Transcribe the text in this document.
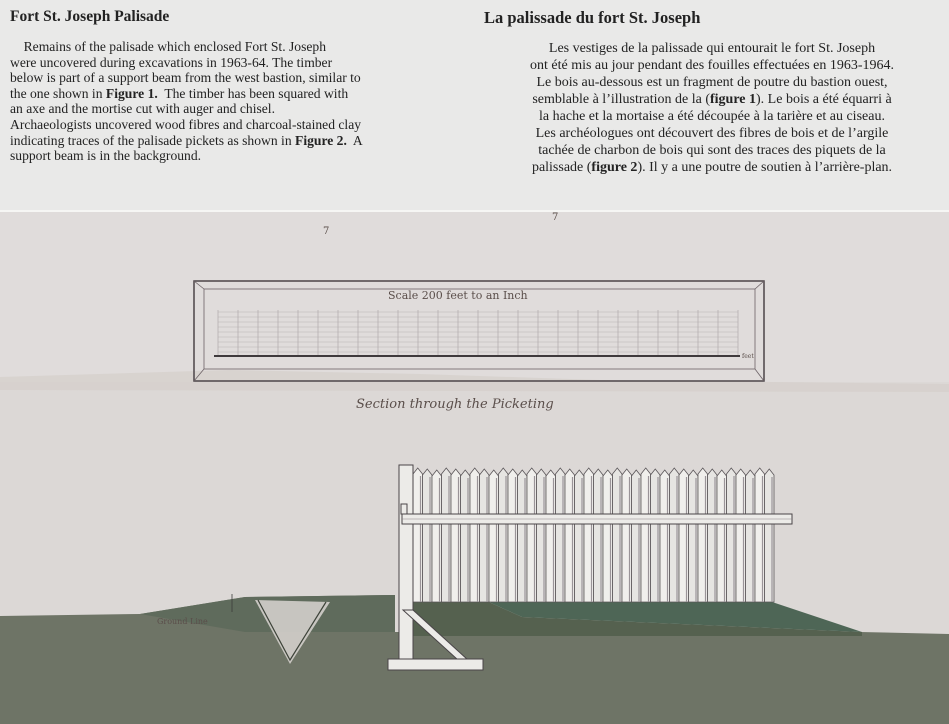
Fort St. Joseph Palisade

Remains of the palisade which enclosed Fort St. Joseph
were uncovered during excavations in 1963-64. The timber
below is part of a support beam from the west bastion, similar to
the one shown in Figure 1.  The timber has been squared with
an axe and the mortise cut with auger and chisel.
Archaeologists uncovered wood fibres and charcoal-stained clay
indicating traces of the palisade pickets as shown in Figure 2.  A
support beam is in the background.

La palissade du fort St. Joseph

Les vestiges de la palissade qui entourait le fort St. Joseph
ont été mis au jour pendant des fouilles effectuées en 1963-1964.
Le bois au-dessous est un fragment de poutre du bastion ouest,
semblable à l’illustration de la (figure 1). Le bois a été équarri à
la hache et la mortaise a été découpée à la tarière et au ciseau.
Les archéologues ont découvert des fibres de bois et de l’argile
tachée de charbon de bois qui sont des traces des piquets de la
palissade (figure 2). Il y a une poutre de soutien à l’arrière-plan.

7
7
Scale 200 feet to an Inch
feet
Section through the Picketing
Ground Line
